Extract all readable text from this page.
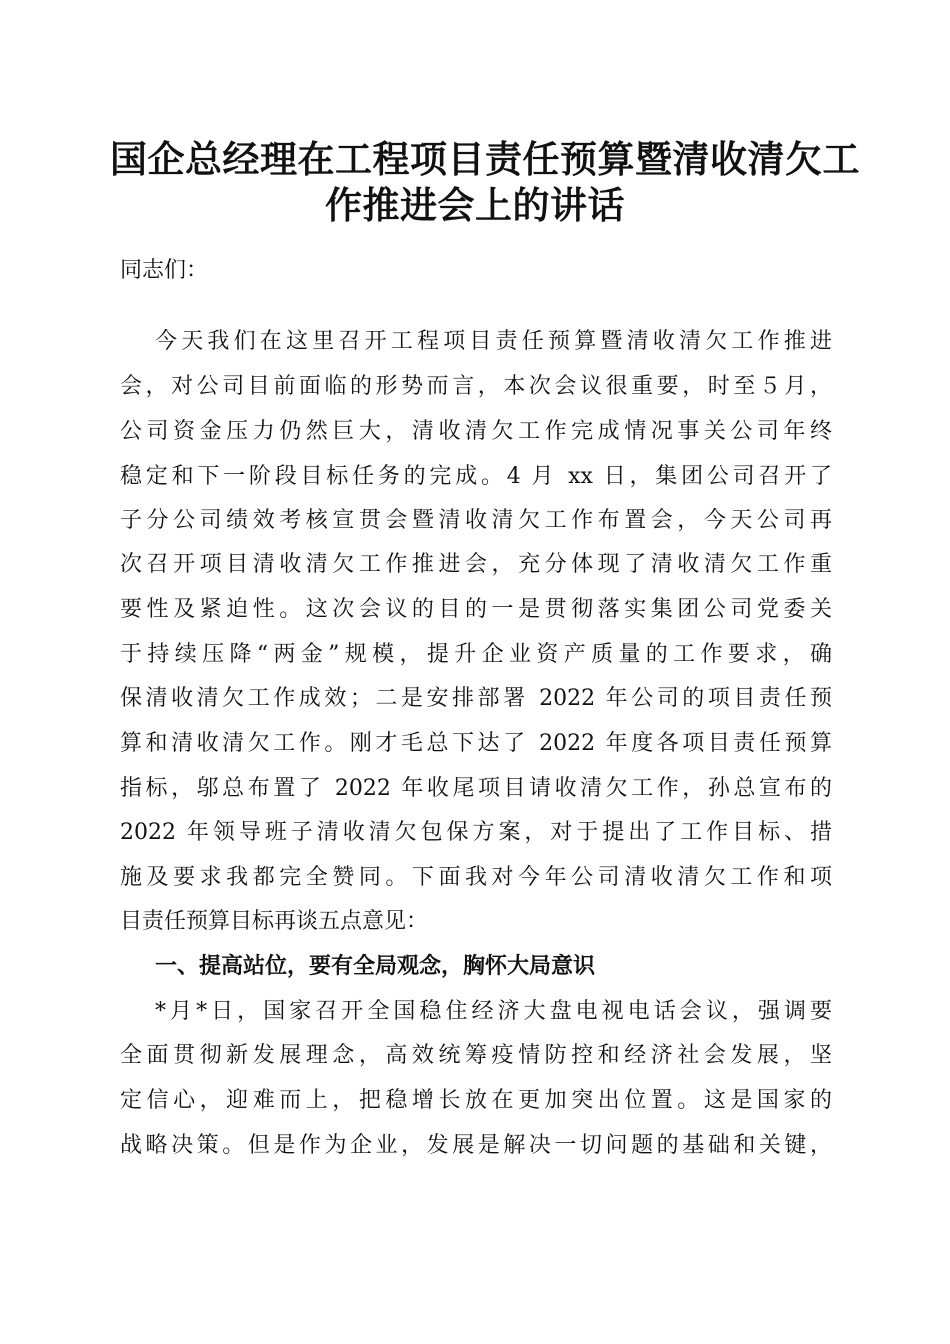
国企总经理在工程项目责任预算暨清收清欠工
作推进会上的讲话
同志们：
今天我们在这里召开工程项目责任预算暨清收清欠工作推进
会，对公司目前面临的形势而言，本次会议很重要，时至５月，
公司资金压力仍然巨大，清收清欠工作完成情况事关公司年终
稳定和下一阶段目标任务的完成。4 月 xx 日，集团公司召开了
子分公司绩效考核宣贯会暨清收清欠工作布置会，今天公司再
次召开项目清收清欠工作推进会，充分体现了清收清欠工作重
要性及紧迫性。这次会议的目的一是贯彻落实集团公司党委关
于持续压降“两金”规模，提升企业资产质量的工作要求，确
保清收清欠工作成效；二是安排部署 2022 年公司的项目责任预
算和清收清欠工作。刚才毛总下达了 2022 年度各项目责任预算
指标，邬总布置了 2022 年收尾项目请收清欠工作，孙总宣布的
2022 年领导班子清收清欠包保方案，对于提出了工作目标、措
施及要求我都完全赞同。下面我对今年公司清收清欠工作和项
目责任预算目标再谈五点意见：
一、提高站位，要有全局观念，胸怀大局意识
*月*日，国家召开全国稳住经济大盘电视电话会议，强调要
全面贯彻新发展理念，高效统筹疫情防控和经济社会发展，坚
定信心，迎难而上，把稳增长放在更加突出位置。这是国家的
战略决策。但是作为企业，发展是解决一切问题的基础和关键，
